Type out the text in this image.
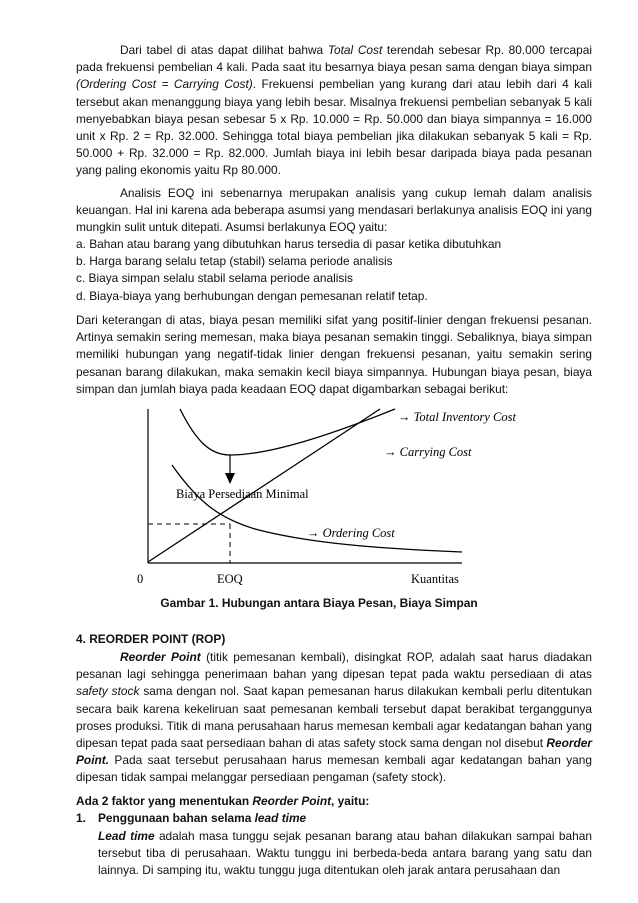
Dari tabel di atas dapat dilihat bahwa Total Cost terendah sebesar Rp. 80.000 tercapai pada frekuensi pembelian 4 kali. Pada saat itu besarnya biaya pesan sama dengan biaya simpan (Ordering Cost = Carrying Cost). Frekuensi pembelian yang kurang dari atau lebih dari 4 kali tersebut akan menanggung biaya yang lebih besar. Misalnya frekuensi pembelian sebanyak 5 kali menyebabkan biaya pesan sebesar 5 x Rp. 10.000 = Rp. 50.000 dan biaya simpannya = 16.000 unit x Rp. 2 = Rp. 32.000. Sehingga total biaya pembelian jika dilakukan sebanyak 5 kali = Rp. 50.000 + Rp. 32.000 = Rp. 82.000. Jumlah biaya ini lebih besar daripada biaya pada pesanan yang paling ekonomis yaitu Rp 80.000.

Analisis EOQ ini sebenarnya merupakan analisis yang cukup lemah dalam analisis keuangan. Hal ini karena ada beberapa asumsi yang mendasari berlakunya analisis EOQ ini yang mungkin sulit untuk ditepati. Asumsi berlakunya EOQ yaitu:

a. Bahan atau barang yang dibutuhkan harus tersedia di pasar ketika dibutuhkan
b. Harga barang selalu tetap (stabil) selama periode analisis
c. Biaya simpan selalu stabil selama periode analisis
d. Biaya-biaya yang berhubungan dengan pemesanan relatif tetap.

Dari keterangan di atas, biaya pesan memiliki sifat yang positif-linier dengan frekuensi pesanan. Artinya semakin sering memesan, maka biaya pesanan semakin tinggi. Sebaliknya, biaya simpan memiliki hubungan yang negatif-tidak linier dengan frekuensi pesanan, yaitu semakin sering pesanan barang dilakukan, maka semakin kecil biaya simpannya. Hubungan biaya pesan, biaya simpan dan jumlah biaya pada keadaan EOQ dapat digambarkan sebagai berikut:

→ Total Inventory Cost
→ Carrying Cost
Biaya Persediaan Minimal
→ Ordering Cost
0	EOQ	Kuantitas
Gambar 1. Hubungan antara Biaya Pesan, Biaya Simpan
4. REORDER POINT (ROP)

Reorder Point (titik pemesanan kembali), disingkat ROP, adalah saat harus diadakan pesanan lagi sehingga penerimaan bahan yang dipesan tepat pada waktu persediaan di atas safety stock sama dengan nol. Saat kapan pemesanan harus dilakukan kembali perlu ditentukan secara baik karena kekeliruan saat pemesanan kembali tersebut dapat berakibat terganggunya proses produksi. Titik di mana perusahaan harus memesan kembali agar kedatangan bahan yang dipesan tepat pada saat persediaan bahan di atas safety stock sama dengan nol disebut Reorder Point. Pada saat tersebut perusahaan harus memesan kembali agar kedatangan bahan yang dipesan tidak sampai melanggar persediaan pengaman (safety stock).

Ada 2 faktor yang menentukan Reorder Point, yaitu:
1. Penggunaan bahan selama lead time

Lead time adalah masa tunggu sejak pesanan barang atau bahan dilakukan sampai bahan tersebut tiba di perusahaan. Waktu tunggu ini berbeda-beda antara barang yang satu dan lainnya. Di samping itu, waktu tunggu juga ditentukan oleh jarak antara perusahaan dan
